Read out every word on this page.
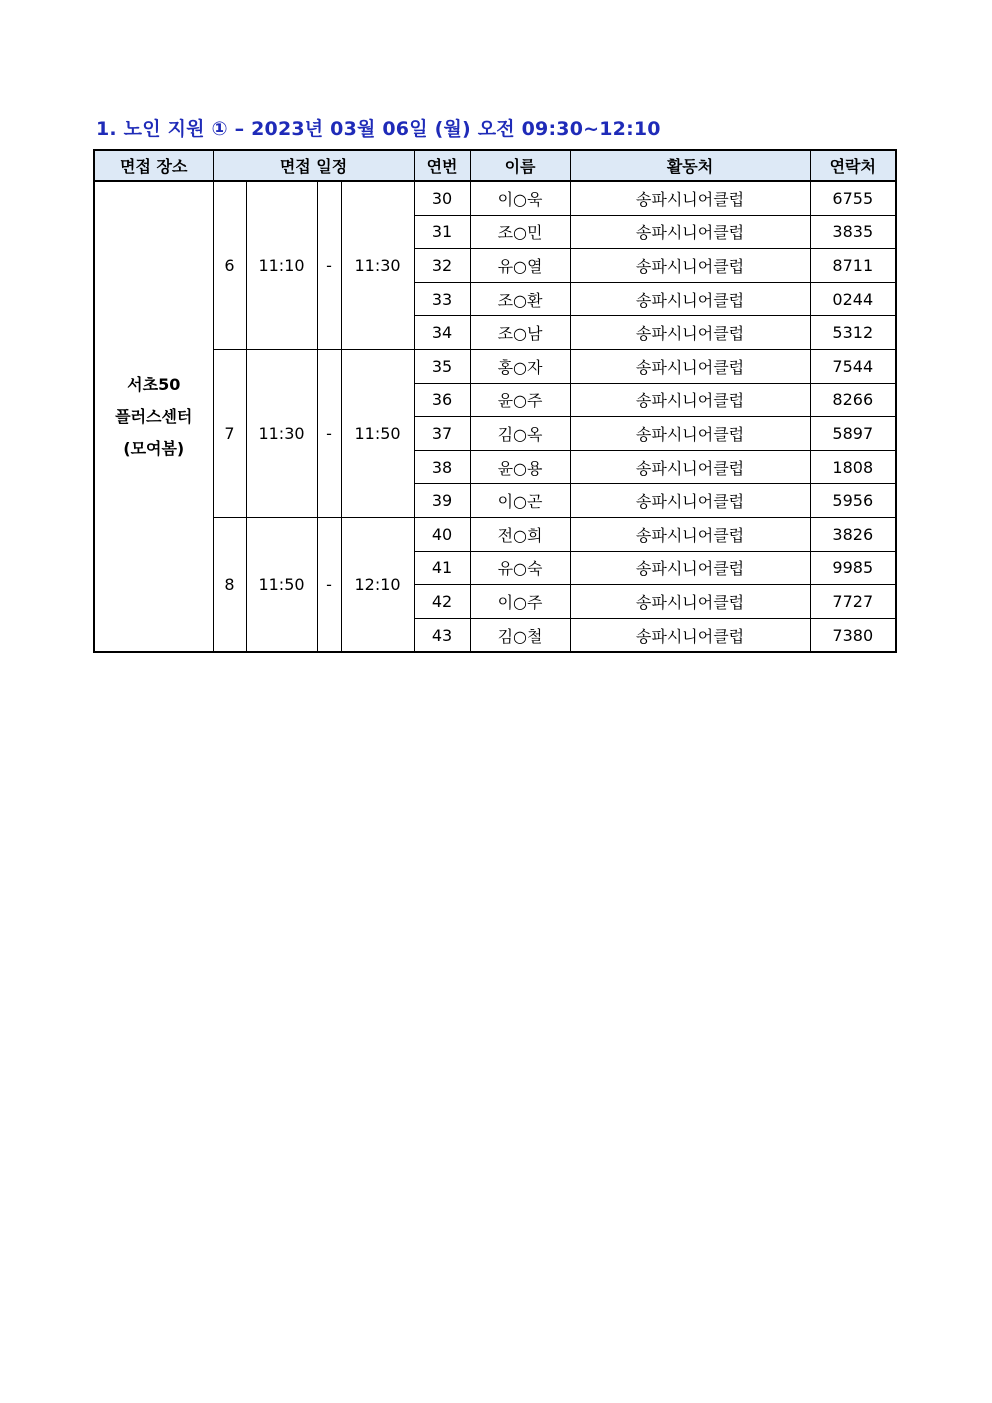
1. 노인 지원 ① – 2023년 03월 06일 (월) 오전 09:30~12:10
면접 장소	면접 일정				연번	이름	활동처	연락처

서초50
플러스센터
(모여봄)	6	11:10	-	11:30	30	이○욱	송파시니어클럽	6755
					31	조○민	송파시니어클럽	3835
					32	유○열	송파시니어클럽	8711
					33	조○환	송파시니어클럽	0244
					34	조○남	송파시니어클럽	5312
	7	11:30	-	11:50	35	홍○자	송파시니어클럽	7544
					36	윤○주	송파시니어클럽	8266
					37	김○옥	송파시니어클럽	5897
					38	윤○용	송파시니어클럽	1808
					39	이○곤	송파시니어클럽	5956
	8	11:50	-	12:10	40	전○희	송파시니어클럽	3826
					41	유○숙	송파시니어클럽	9985
					42	이○주	송파시니어클럽	7727
					43	김○철	송파시니어클럽	7380
